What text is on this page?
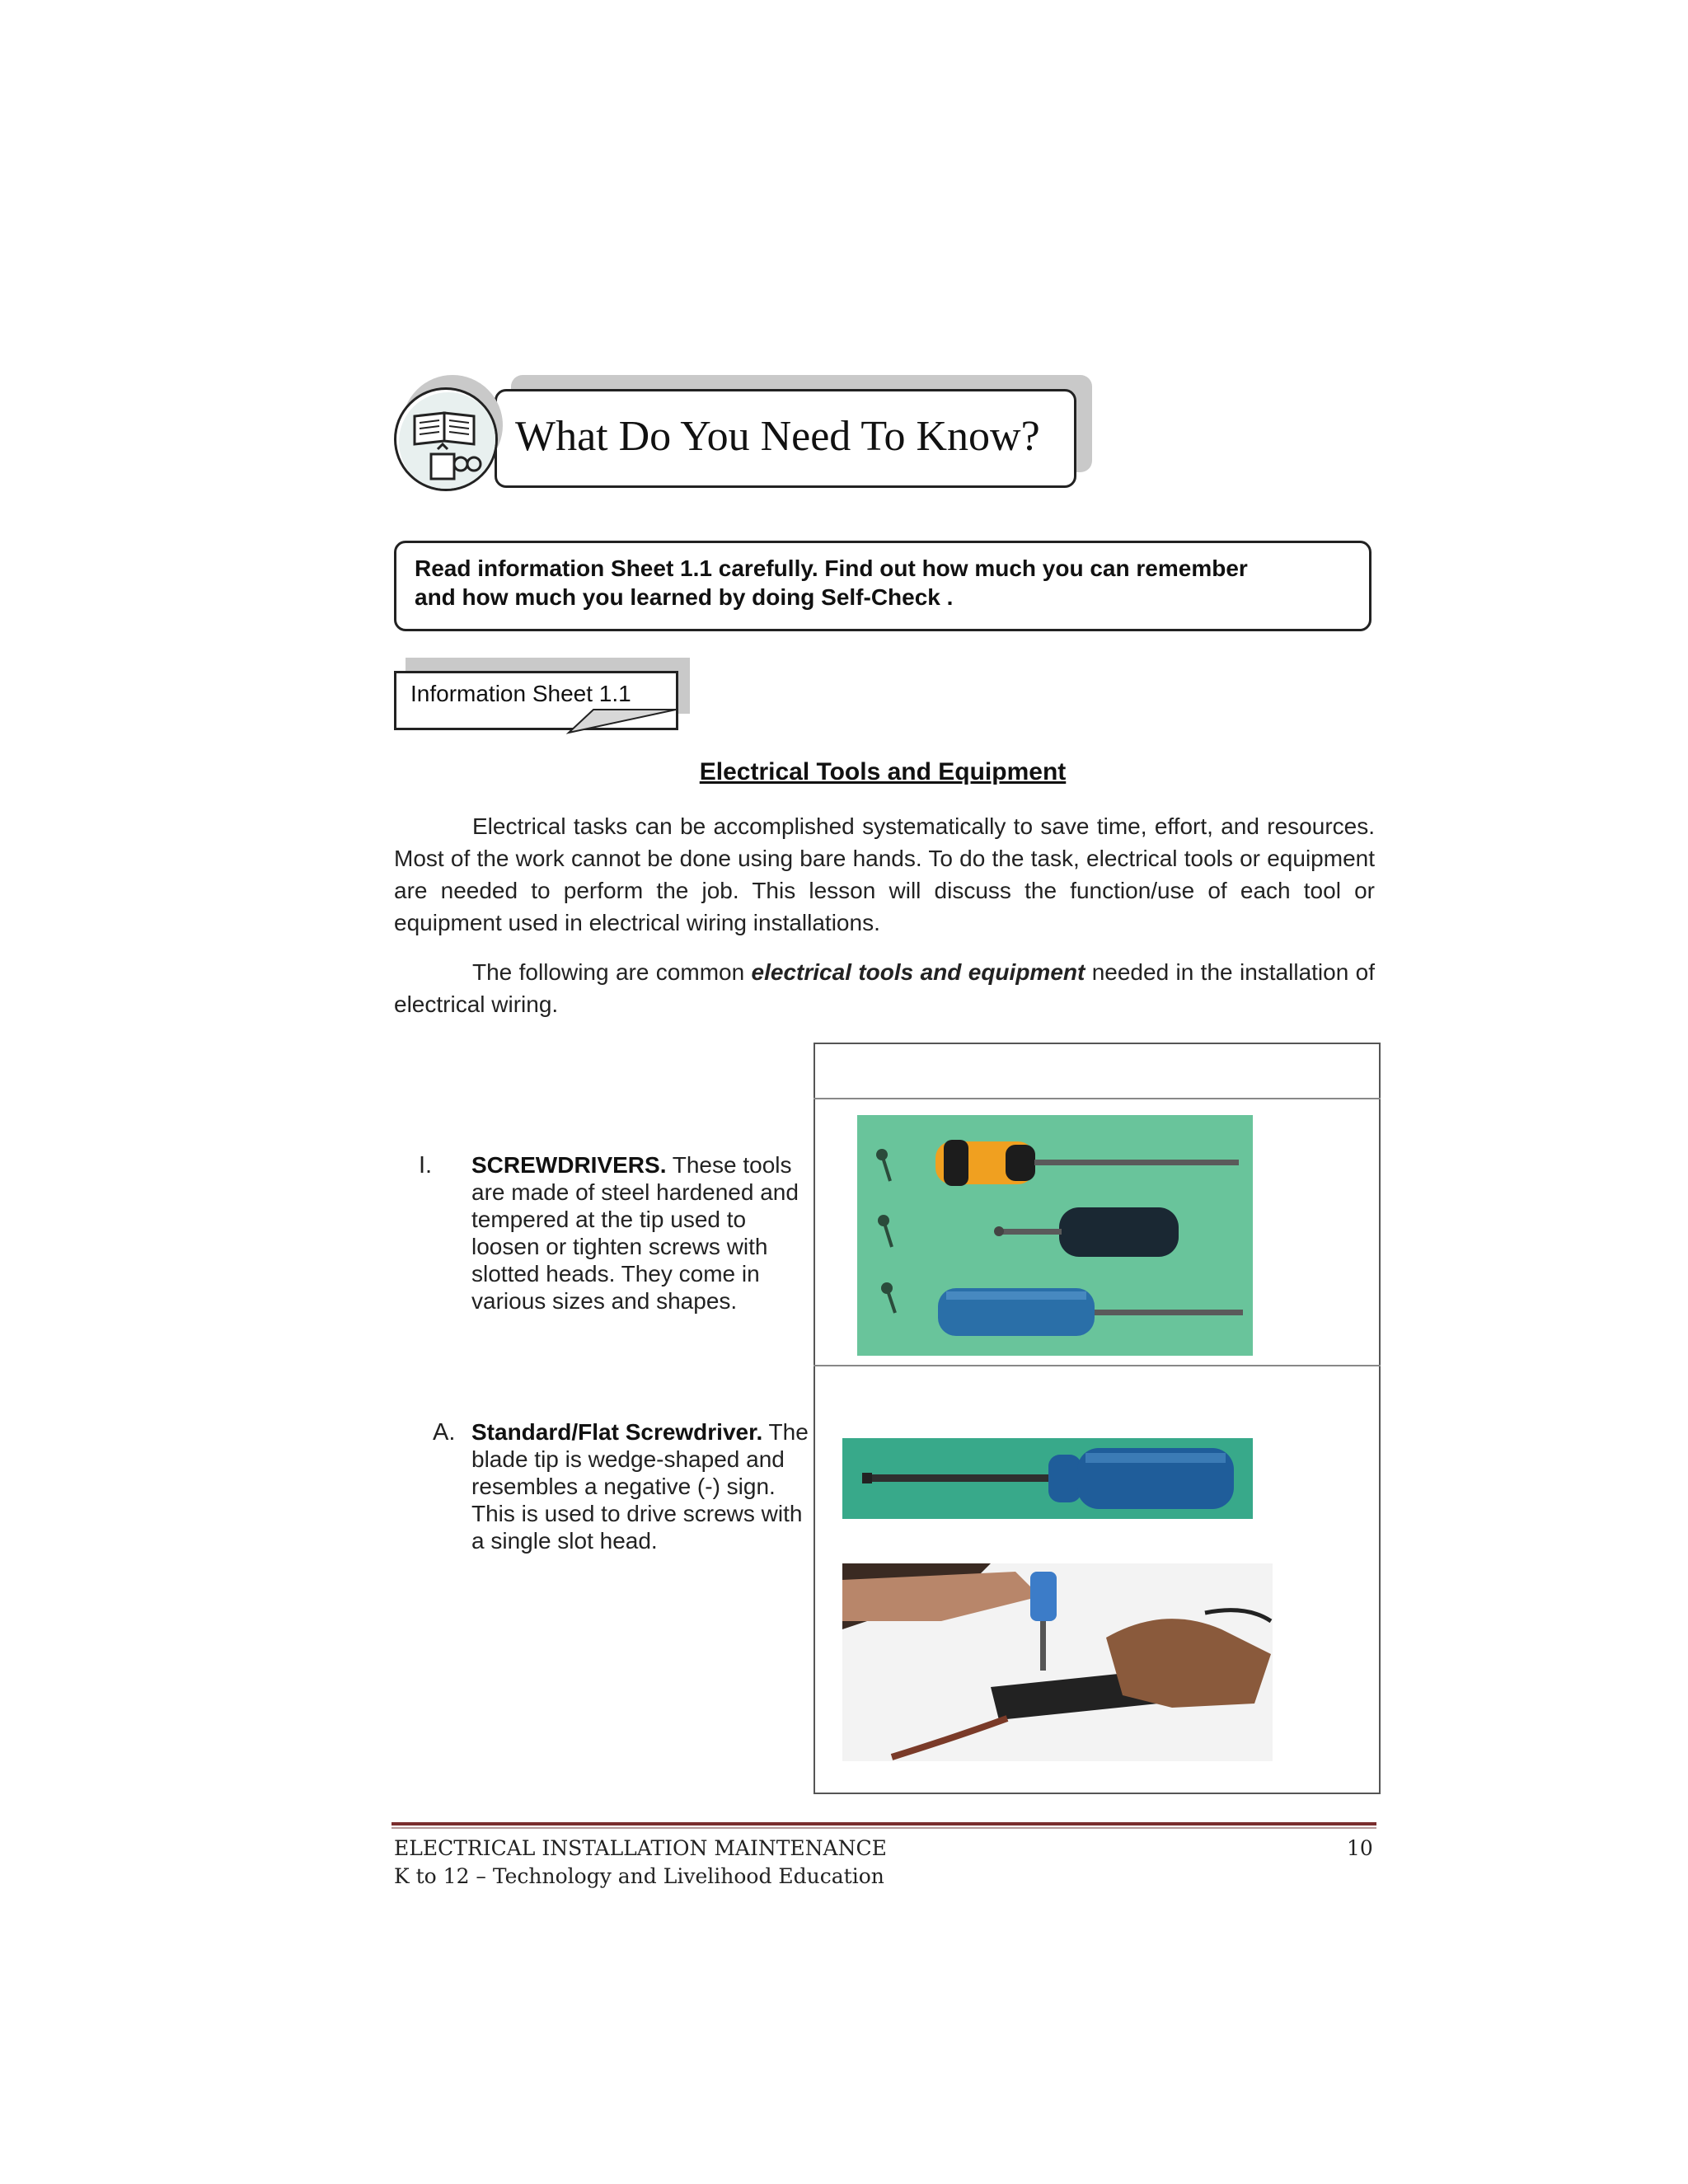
What Do You Need To Know?
Read information Sheet 1.1 carefully. Find out how much you can remember
and how much you learned by doing Self-Check .
Information Sheet 1.1
Electrical Tools and Equipment
Electrical tasks can be accomplished systematically to save time, effort, and resources. Most of the work cannot be done using bare hands. To do the task, electrical tools or equipment are needed to perform the job. This lesson will discuss the function/use of each tool or equipment used in electrical wiring installations.
The following are common electrical tools and equipment needed in the installation of electrical wiring.
I. SCREWDRIVERS. These tools are made of steel hardened and tempered at the tip used to loosen or tighten screws with slotted heads. They come in various sizes and shapes.
A. Standard/Flat Screwdriver. The blade tip is wedge-shaped and resembles a negative (-) sign. This is used to drive screws with a single slot head.
ELECTRICAL INSTALLATION MAINTENANCE
K to 12 – Technology and Livelihood Education
10
